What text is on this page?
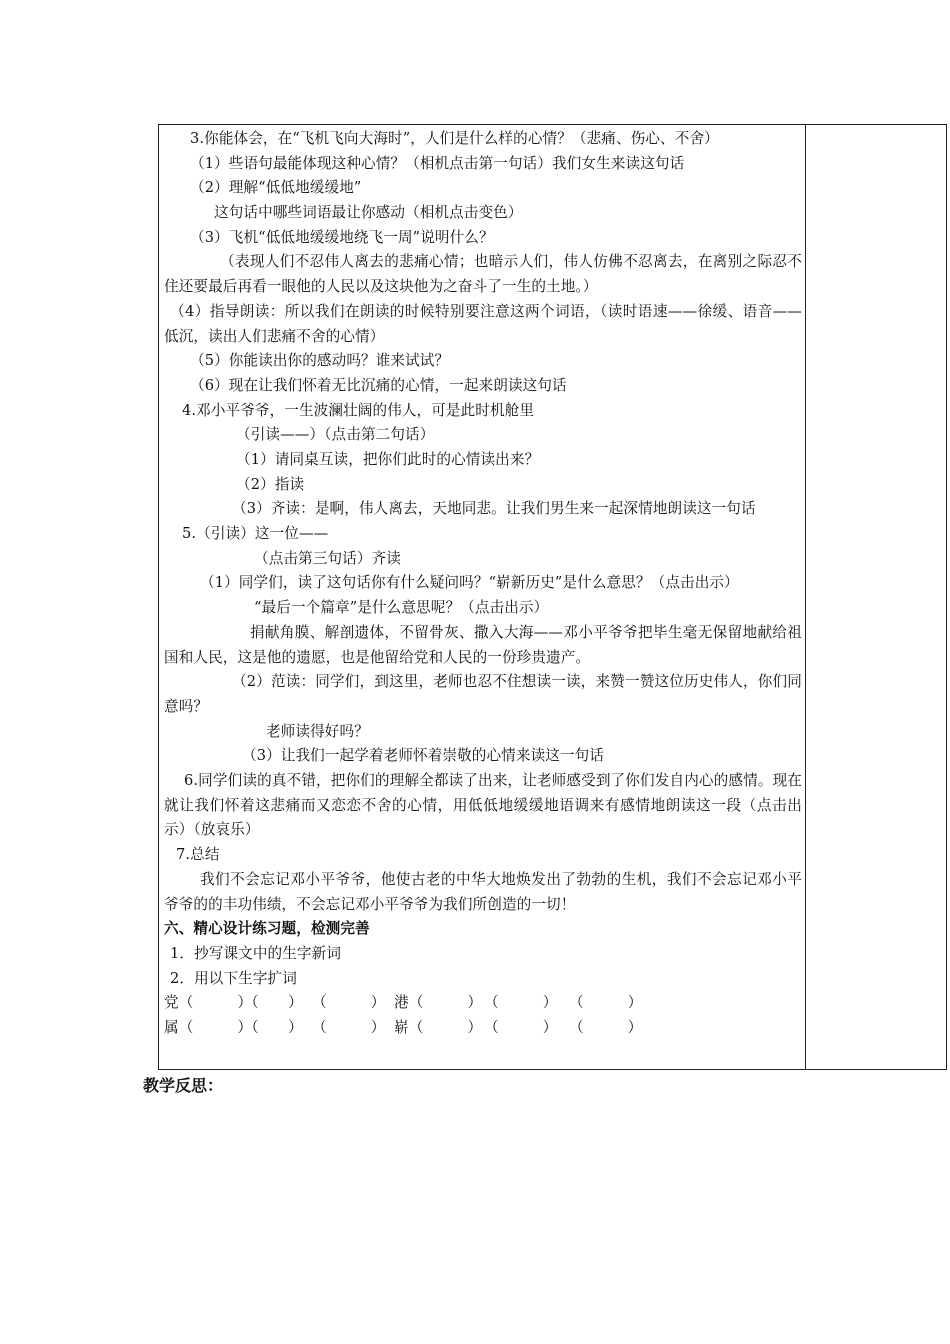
3.你能体会，在“飞机飞向大海时”，人们是什么样的心情？（悲痛、伤心、不舍）
（1）些语句最能体现这种心情？（相机点击第一句话）我们女生来读这句话
（2）理解“低低地缓缓地”
这句话中哪些词语最让你感动（相机点击变色）
（3）飞机“低低地缓缓地绕飞一周”说明什么？
（表现人们不忍伟人离去的悲痛心情；也暗示人们，伟人仿佛不忍离去，在离别之际忍不住还要最后再看一眼他的人民以及这块他为之奋斗了一生的土地。）
（4）指导朗读：所以我们在朗读的时候特别要注意这两个词语，（读时语速——徐缓、语音——低沉，读出人们悲痛不舍的心情）
（5）你能读出你的感动吗？谁来试试？
（6）现在让我们怀着无比沉痛的心情，一起来朗读这句话
4.邓小平爷爷，一生波澜壮阔的伟人，可是此时机舱里
（引读——）（点击第二句话）
（1）请同桌互读，把你们此时的心情读出来？
（2）指读
（3）齐读：是啊，伟人离去，天地同悲。让我们男生来一起深情地朗读这一句话
5.（引读）这一位——
（点击第三句话）齐读
（1）同学们，读了这句话你有什么疑问吗？“崭新历史”是什么意思？（点击出示）
“最后一个篇章”是什么意思呢？（点击出示）
捐献角膜、解剖遗体，不留骨灰、撒入大海——邓小平爷爷把毕生毫无保留地献给祖国和人民，这是他的遗愿，也是他留给党和人民的一份珍贵遗产。
（2）范读：同学们，到这里，老师也忍不住想读一读，来赞一赞这位历史伟人，你们同意吗？
老师读得好吗？
（3）让我们一起学着老师怀着崇敬的心情来读这一句话
6.同学们读的真不错，把你们的理解全都读了出来，让老师感受到了你们发自内心的感情。现在就让我们怀着这悲痛而又恋恋不舍的心情，用低低地缓缓地语调来有感情地朗读这一段（点击出示）（放哀乐）
7.总结
我们不会忘记邓小平爷爷，他使古老的中华大地焕发出了勃勃的生机，我们不会忘记邓小平爷爷的的丰功伟绩，不会忘记邓小平爷爷为我们所创造的一切！
六、精心设计练习题，检测完善
1．抄写课文中的生字新词
2．用以下生字扩词
党（　　　）
（　　） （　　　） 港（　　　） （　　　） （　　　）
属（　　　）
（　　） （　　　） 崭（　　　） （　　　） （　　　）
教学反思：
